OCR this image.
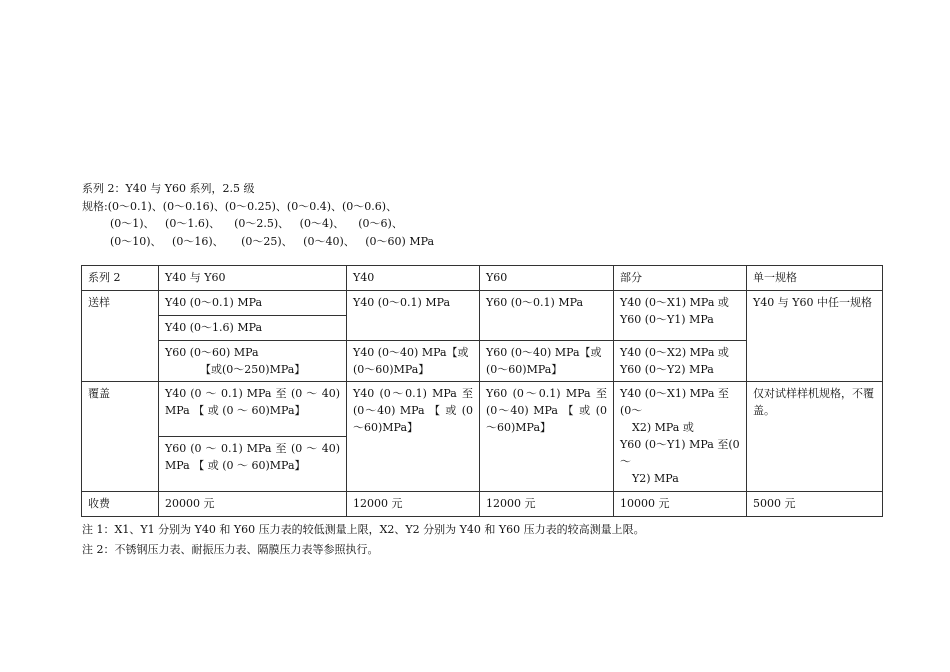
系列 2：Y40 与 Y60 系列，2.5 级
规格:(0～0.1)、(0～0.16)、(0～0.25)、(0～0.4)、(0～0.6)、
(0～1)、   (0～1.6)、    (0～2.5)、   (0～4)、    (0～6)、
(0～10)、   (0～16)、     (0～25)、   (0～40)、   (0～60) MPa
系列 2	Y40 与 Y60	Y40	Y60	部分	单一规格
送样	Y40 (0～0.1) MPa	Y40 (0～0.1) MPa	Y60 (0～0.1) MPa	Y40 (0～X1) MPa 或 Y60 (0～Y1) MPa	Y40 与 Y60 中任一规格
	Y40 (0～1.6) MPa				

	Y60 (0～60) MPa
【或(0～250)MPa】	Y40 (0～40) MPa【或(0～60)MPa】	Y60 (0～40) MPa【或(0～60)MPa】	Y40 (0～X2) MPa 或 Y60 (0～Y2) MPa	
覆盖	Y40 (0 ～ 0.1) MPa 至 (0 ～ 40) MPa 【 或 (0 ～ 60)MPa】	Y40 (0～0.1) MPa 至(0～40) MPa 【 或 (0～60)MPa】	Y60 (0～0.1) MPa 至(0～40) MPa 【 或 (0～60)MPa】	Y40 (0～X1) MPa 至(0～
X2) MPa 或
Y60 (0～Y1) MPa 至(0～
Y2) MPa	仅对试样样机规格，不覆盖。
	Y60 (0 ～ 0.1) MPa 至 (0 ～ 40) MPa 【 或 (0 ～ 60)MPa】				
收费	20000 元	12000 元	12000 元	10000 元	5000 元
注 1：X1、Y1 分别为 Y40 和 Y60 压力表的较低测量上限，X2、Y2 分别为 Y40 和 Y60 压力表的较高测量上限。
注 2：不锈钢压力表、耐振压力表、隔膜压力表等参照执行。
